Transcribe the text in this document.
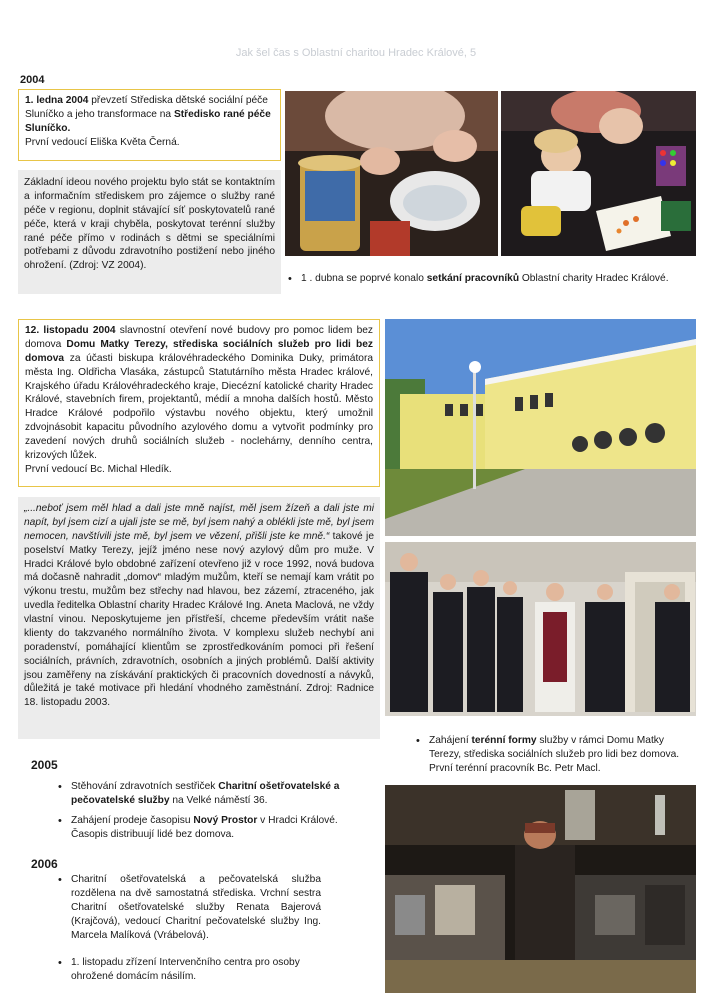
Jak šel čas s Oblastní charitou Hradec Králové, 5
2004
1. ledna 2004 převzetí Střediska dětské sociální péče Sluníčko a jeho transformace na Středisko rané péče Sluníčko.
První vedoucí Eliška Květa Černá.
Základní ideou nového projektu bylo stát se kontaktním a informačním střediskem pro zájemce o služby rané péče v regionu, doplnit stávající síť poskytovatelů rané péče, která v kraji chyběla, poskytovat terénní služby rané péče přímo v rodinách s dětmi se speciálními potřebami z důvodu zdravotního postižení nebo jiného ohrožení. (Zdroj: VZ 2004).
• 1 . dubna se poprvé konalo setkání pracovníků Oblastní charity Hradec Králové.
12. listopadu 2004 slavnostní otevření nové budovy pro pomoc lidem bez domova Domu Matky Terezy, střediska sociálních služeb pro lidi bez domova za účasti biskupa královéhradeckého Dominika Duky, primátora města Ing. Oldřicha Vlasáka, zástupců Statutárního města Hradec králové, Krajského úřadu Královéhradeckého kraje, Diecézní katolické charity Hradec Králové, stavebních firem, projektantů, médií a mnoha dalších hostů. Město Hradce Králové podpořilo výstavbu nového objektu, který umožnil zdvojnásobit kapacitu původního azylového domu a vytvořit podmínky pro zavedení nových druhů sociálních služeb - noclehárny, denního centra, krizových lůžek.
První vedoucí Bc. Michal Hledík.
„...neboť jsem měl hlad a dali jste mně najíst, měl jsem žízeň a dali jste mi napít, byl jsem cizí a ujali jste se mě, byl jsem nahý a oblékli jste mě, byl jsem nemocen, navštívili jste mě, byl jsem ve vězení, přišli jste ke mně.“ takové je poselství Matky Terezy, jejíž jméno nese nový azylový dům pro muže. V Hradci Králové bylo obdobné zařízení otevřeno již v roce 1992, nová budova má dočasně nahradit „domov“ mladým mužům, kteří se nemají kam vrátit po výkonu trestu, mužům bez střechy nad hlavou, bez zázemí, ztraceného, jak uvedla ředitelka Oblastní charity Hradec Králové Ing. Aneta Maclová, ne vždy vlastní vinou. Neposkytujeme jen přístřeší, chceme především vrátit naše klienty do takzvaného normálního života. V komplexu služeb nechybí ani poradenství, pomáhající klientům se zprostředkováním pomoci při řešení sociálních, právních, zdravotních, osobních a jiných problémů. Další aktivity jsou zaměřeny na získávání praktických či pracovních dovedností a návyků, důležitá je také motivace při hledání vhodného zaměstnání. Zdroj: Radnice 18. listopadu 2003.
• Zahájení terénní formy služby v rámci Domu Matky Terezy, střediska sociálních služeb pro lidi bez domova. První terénní pracovník Bc. Petr Macl.
2005
• Stěhování zdravotních sestřiček Charitní ošetřovatelské a pečovatelské služby na Velké náměstí 36.
• Zahájení prodeje časopisu Nový Prostor v Hradci Králové. Časopis distribuují lidé bez domova.
2006
• Charitní ošetřovatelská a pečovatelská služba rozdělena na dvě samostatná střediska. Vrchní sestra Charitní ošetřovatelské služby Renata Bajerová (Krajčová), vedoucí Charitní pečovatelské služby Ing. Marcela Malíková (Vrábelová).
• 1. listopadu zřízení Intervenčního centra pro osoby ohrožené domácím násilím.
